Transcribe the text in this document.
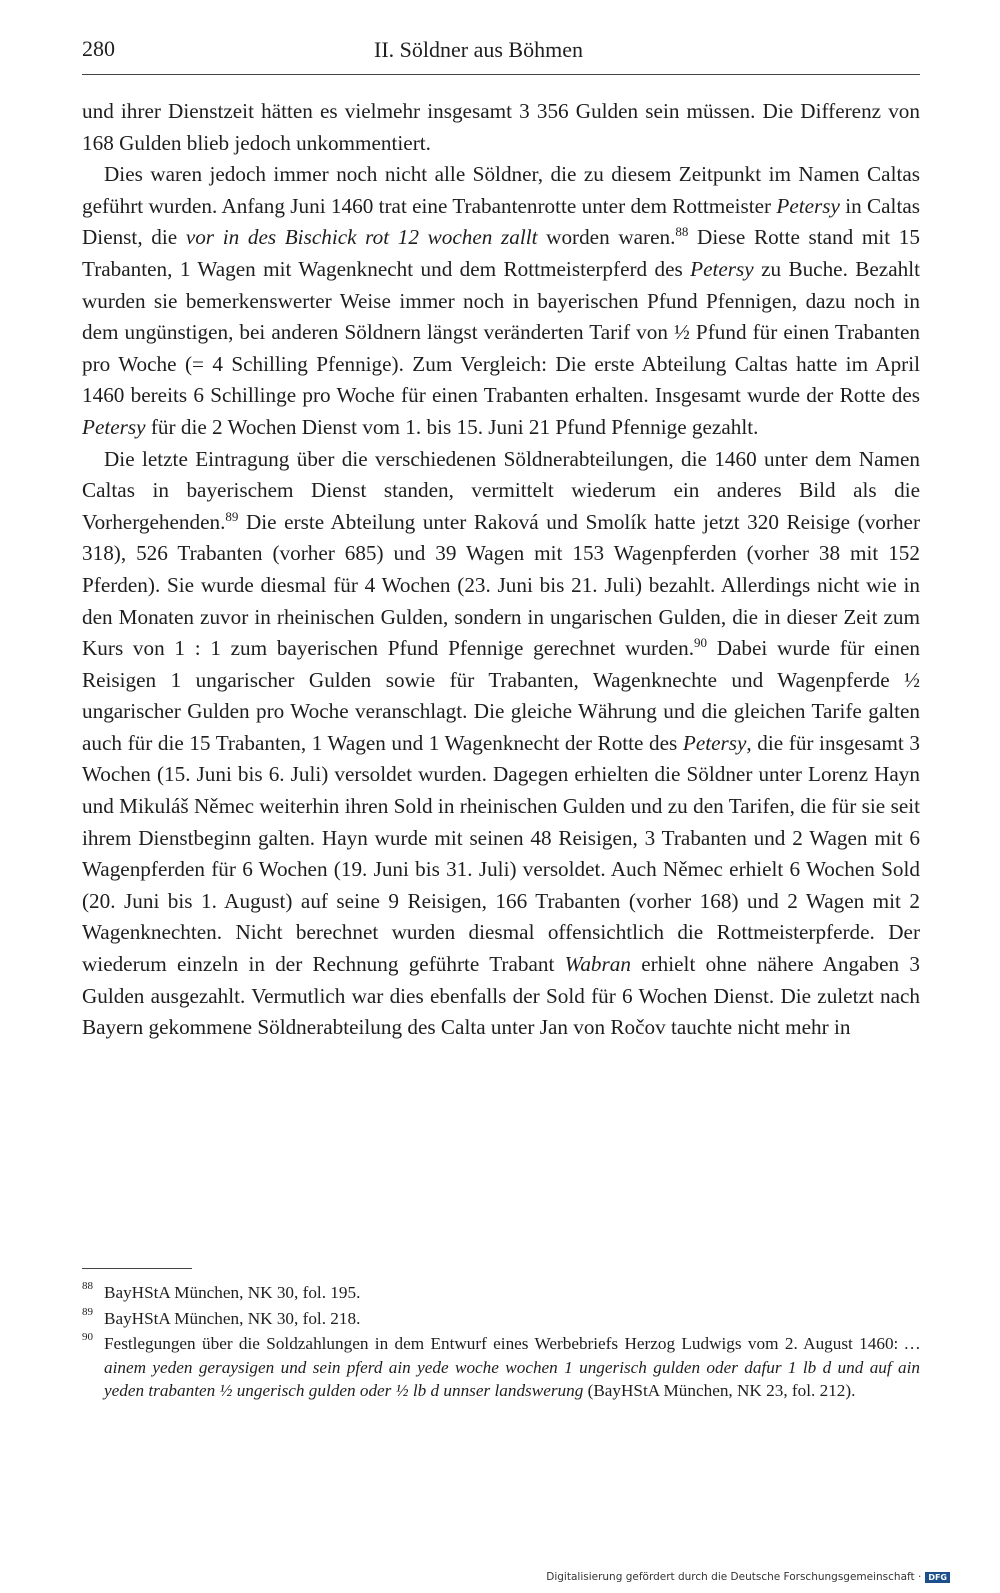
280	II. Söldner aus Böhmen

und ihrer Dienstzeit hätten es vielmehr insgesamt 3 356 Gulden sein müssen. Die Differenz von 168 Gulden blieb jedoch unkommentiert.

Dies waren jedoch immer noch nicht alle Söldner, die zu diesem Zeitpunkt im Namen Caltas geführt wurden. Anfang Juni 1460 trat eine Trabantenrotte unter dem Rottmeister Petersy in Caltas Dienst, die vor in des Bischick rot 12 wochen zallt worden waren.$^{88}$ Diese Rotte stand mit 15 Trabanten, 1 Wagen mit Wagenknecht und dem Rottmeisterpferd des Petersy zu Buche. Bezahlt wurden sie bemerkenswerter Weise immer noch in bayerischen Pfund Pfennigen, dazu noch in dem ungünstigen, bei anderen Söldnern längst veränderten Tarif von ½ Pfund für einen Trabanten pro Woche (= 4 Schilling Pfennige). Zum Vergleich: Die erste Abteilung Caltas hatte im April 1460 bereits 6 Schillinge pro Woche für einen Trabanten erhalten. Insgesamt wurde der Rotte des Petersy für die 2 Wochen Dienst vom 1. bis 15. Juni 21 Pfund Pfennige gezahlt.

Die letzte Eintragung über die verschiedenen Söldnerabteilungen, die 1460 unter dem Namen Caltas in bayerischem Dienst standen, vermittelt wiederum ein anderes Bild als die Vorhergehenden.$^{89}$ Die erste Abteilung unter Raková und Smolík hatte jetzt 320 Reisige (vorher 318), 526 Trabanten (vorher 685) und 39 Wagen mit 153 Wagenpferden (vorher 38 mit 152 Pferden). Sie wurde diesmal für 4 Wochen (23. Juni bis 21. Juli) bezahlt. Allerdings nicht wie in den Monaten zuvor in rheinischen Gulden, sondern in ungarischen Gulden, die in dieser Zeit zum Kurs von 1 : 1 zum bayerischen Pfund Pfennige gerechnet wurden.$^{90}$ Dabei wurde für einen Reisigen 1 ungarischer Gulden sowie für Trabanten, Wagenknechte und Wagenpferde ½ ungarischer Gulden pro Woche veranschlagt. Die gleiche Währung und die gleichen Tarife galten auch für die 15 Trabanten, 1 Wagen und 1 Wagenknecht der Rotte des Petersy, die für insgesamt 3 Wochen (15. Juni bis 6. Juli) versoldet wurden. Dagegen erhielten die Söldner unter Lorenz Hayn und Mikuláš Němec weiterhin ihren Sold in rheinischen Gulden und zu den Tarifen, die für sie seit ihrem Dienstbeginn galten. Hayn wurde mit seinen 48 Reisigen, 3 Trabanten und 2 Wagen mit 6 Wagenpferden für 6 Wochen (19. Juni bis 31. Juli) versoldet. Auch Němec erhielt 6 Wochen Sold (20. Juni bis 1. August) auf seine 9 Reisigen, 166 Trabanten (vorher 168) und 2 Wagen mit 2 Wagenknechten. Nicht berechnet wurden diesmal offensichtlich die Rottmeisterpferde. Der wiederum einzeln in der Rechnung geführte Trabant Wabran erhielt ohne nähere Angaben 3 Gulden ausgezahlt. Vermutlich war dies ebenfalls der Sold für 6 Wochen Dienst. Die zuletzt nach Bayern gekommene Söldnerabteilung des Calta unter Jan von Ročov tauchte nicht mehr in

88 BayHStA München, NK 30, fol. 195.
89 BayHStA München, NK 30, fol. 218.
90 Festlegungen über die Soldzahlungen in dem Entwurf eines Werbebriefs Herzog Ludwigs vom 2. August 1460: … ainem yeden geraysigen und sein pferd ain yede woche wochen 1 ungerisch gulden oder dafur 1 lb d und auf ain yeden trabanten ½ ungerisch gulden oder ½ lb d unnser landswerung (BayHStA München, NK 23, fol. 212).
Digitalisierung gefördert durch die Deutsche Forschungsgemeinschaft · DFG
